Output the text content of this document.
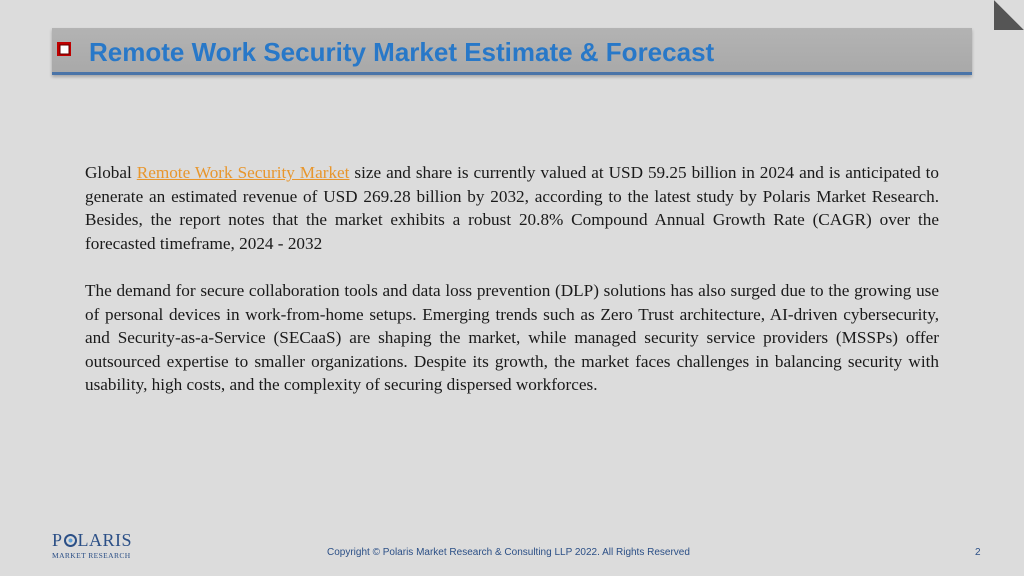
Remote Work Security Market Estimate & Forecast

Global Remote Work Security Market size and share is currently valued at USD 59.25 billion in 2024 and is anticipated to generate an estimated revenue of USD 269.28 billion by 2032, according to the latest study by Polaris Market Research. Besides, the report notes that the market exhibits a robust 20.8% Compound Annual Growth Rate (CAGR) over the forecasted timeframe, 2024 - 2032

The demand for secure collaboration tools and data loss prevention (DLP) solutions has also surged due to the growing use of personal devices in work-from-home setups. Emerging trends such as Zero Trust architecture, AI-driven cybersecurity, and Security-as-a-Service (SECaaS) are shaping the market, while managed security service providers (MSSPs) offer outsourced expertise to smaller organizations. Despite its growth, the market faces challenges in balancing security with usability, high costs, and the complexity of securing dispersed workforces.

P LARIS
MARKET RESEARCH	Copyright © Polaris Market Research & Consulting LLP 2022. All Rights Reserved	2
